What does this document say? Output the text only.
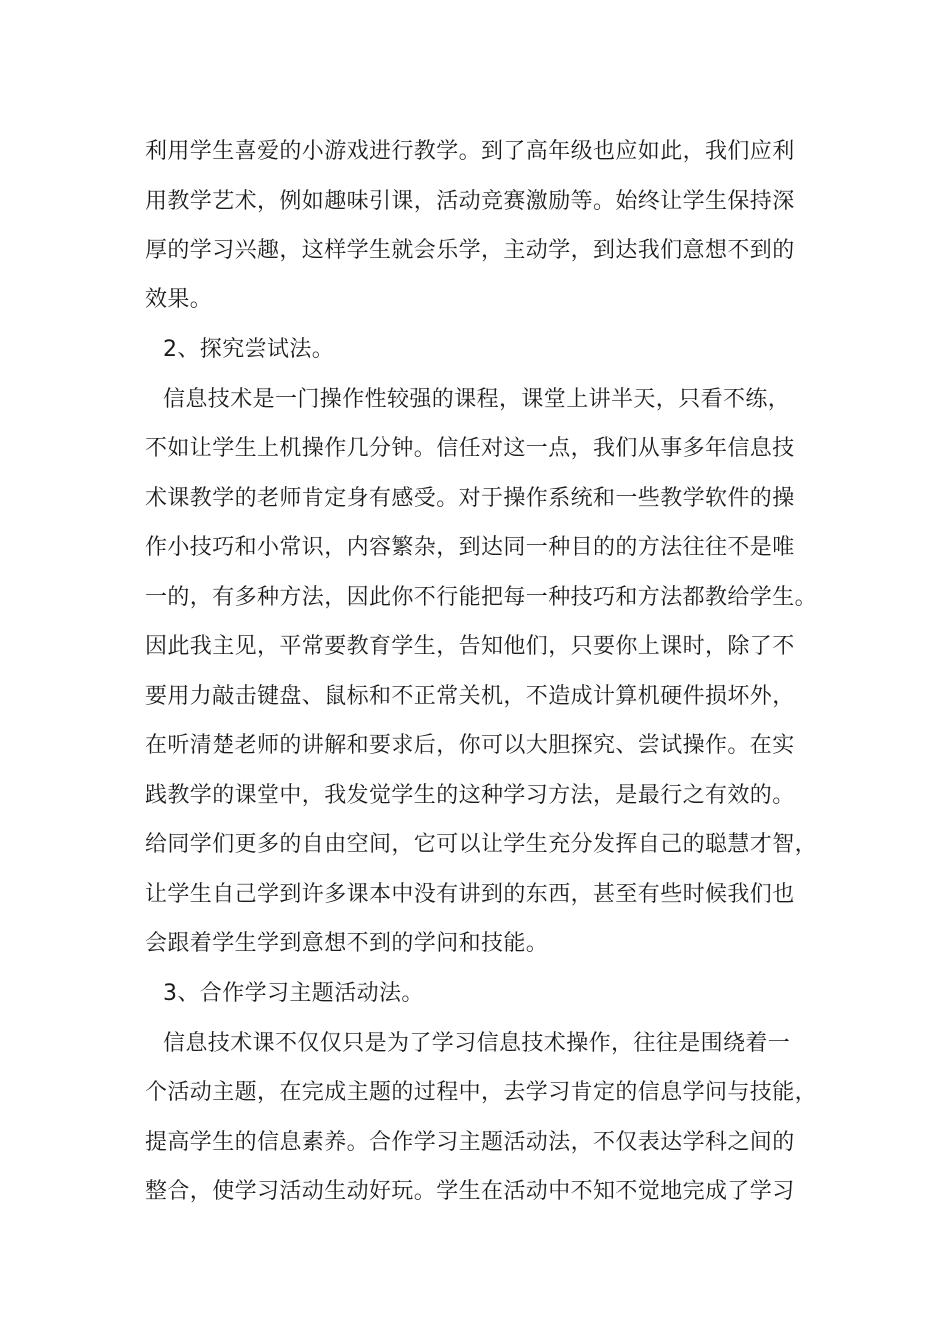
利用学生喜爱的小游戏进行教学。到了高年级也应如此，我们应利
用教学艺术，例如趣味引课，活动竞赛激励等。始终让学生保持深
厚的学习兴趣，这样学生就会乐学，主动学，到达我们意想不到的
效果。
2、探究尝试法。
信息技术是一门操作性较强的课程，课堂上讲半天，只看不练，
不如让学生上机操作几分钟。信任对这一点，我们从事多年信息技
术课教学的老师肯定身有感受。对于操作系统和一些教学软件的操
作小技巧和小常识，内容繁杂，到达同一种目的的方法往往不是唯
一的，有多种方法，因此你不行能把每一种技巧和方法都教给学生。
因此我主见，平常要教育学生，告知他们，只要你上课时，除了不
要用力敲击键盘、鼠标和不正常关机，不造成计算机硬件损坏外，
在听清楚老师的讲解和要求后，你可以大胆探究、尝试操作。在实
践教学的课堂中，我发觉学生的这种学习方法，是最行之有效的。
给同学们更多的自由空间，它可以让学生充分发挥自己的聪慧才智，
让学生自己学到许多课本中没有讲到的东西，甚至有些时候我们也
会跟着学生学到意想不到的学问和技能。
3、合作学习主题活动法。
信息技术课不仅仅只是为了学习信息技术操作，往往是围绕着一
个活动主题，在完成主题的过程中，去学习肯定的信息学问与技能，
提高学生的信息素养。合作学习主题活动法，不仅表达学科之间的
整合，使学习活动生动好玩。学生在活动中不知不觉地完成了学习
